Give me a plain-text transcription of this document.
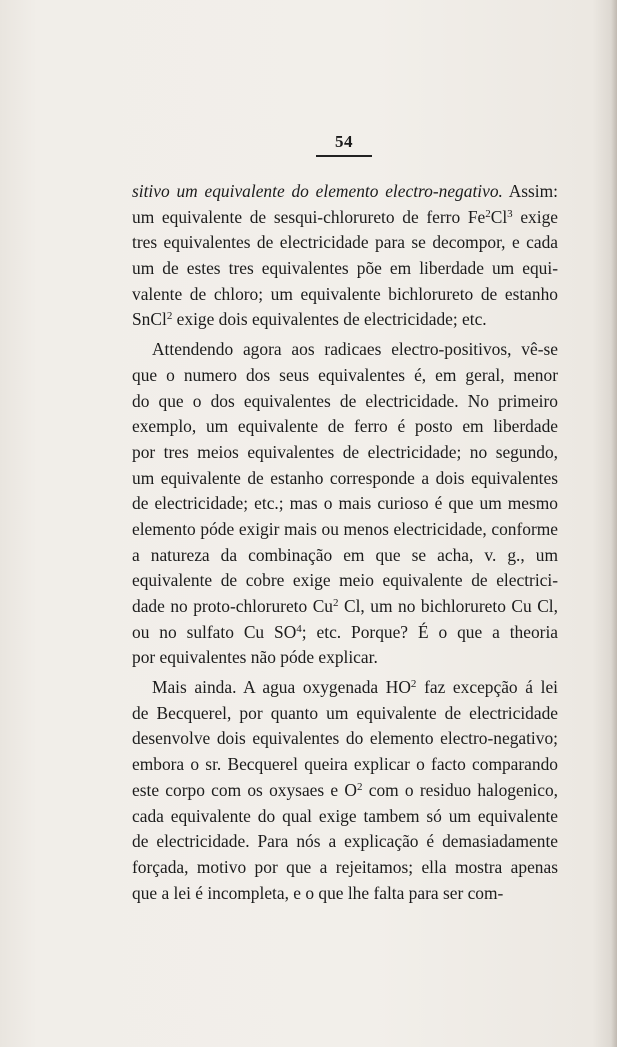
54
sitivo um equivalente do elemento electro-negativo. Assim:
um equivalente de sesqui-chlorureto de ferro Fe$^2$Cl$^3$ exige
tres equivalentes de electricidade para se decompor, e cada
um de estes tres equivalentes põe em liberdade um equi-
valente de chloro; um equivalente bichlorureto de estanho
SnCl$^2$ exige dois equivalentes de electricidade; etc.
Attendendo agora aos radicaes electro-positivos, vê-se
que o numero dos seus equivalentes é, em geral, menor
do que o dos equivalentes de electricidade. No primeiro
exemplo, um equivalente de ferro é posto em liberdade
por tres meios equivalentes de electricidade; no segundo,
um equivalente de estanho corresponde a dois equivalentes
de electricidade; etc.; mas o mais curioso é que um mesmo
elemento póde exigir mais ou menos electricidade, conforme
a natureza da combinação em que se acha, v. g., um
equivalente de cobre exige meio equivalente de electrici-
dade no proto-chlorureto Cu$^2$ Cl, um no bichlorureto Cu Cl,
ou no sulfato Cu $SO^4$; etc. Porque? É o que a theoria
por equivalentes não póde explicar.
Mais ainda. A agua oxygenada $HO^2$ faz excepção á lei
de Becquerel, por quanto um equivalente de electricidade
desenvolve dois equivalentes do elemento electro-negativo;
embora o sr. Becquerel queira explicar o facto comparando
este corpo com os oxysaes e $O^2$ com o residuo halogenico,
cada equivalente do qual exige tambem só um equivalente
de electricidade. Para nós a explicação é demasiadamente
forçada, motivo por que a rejeitamos; ella mostra apenas
que a lei é incompleta, e o que lhe falta para ser com-
